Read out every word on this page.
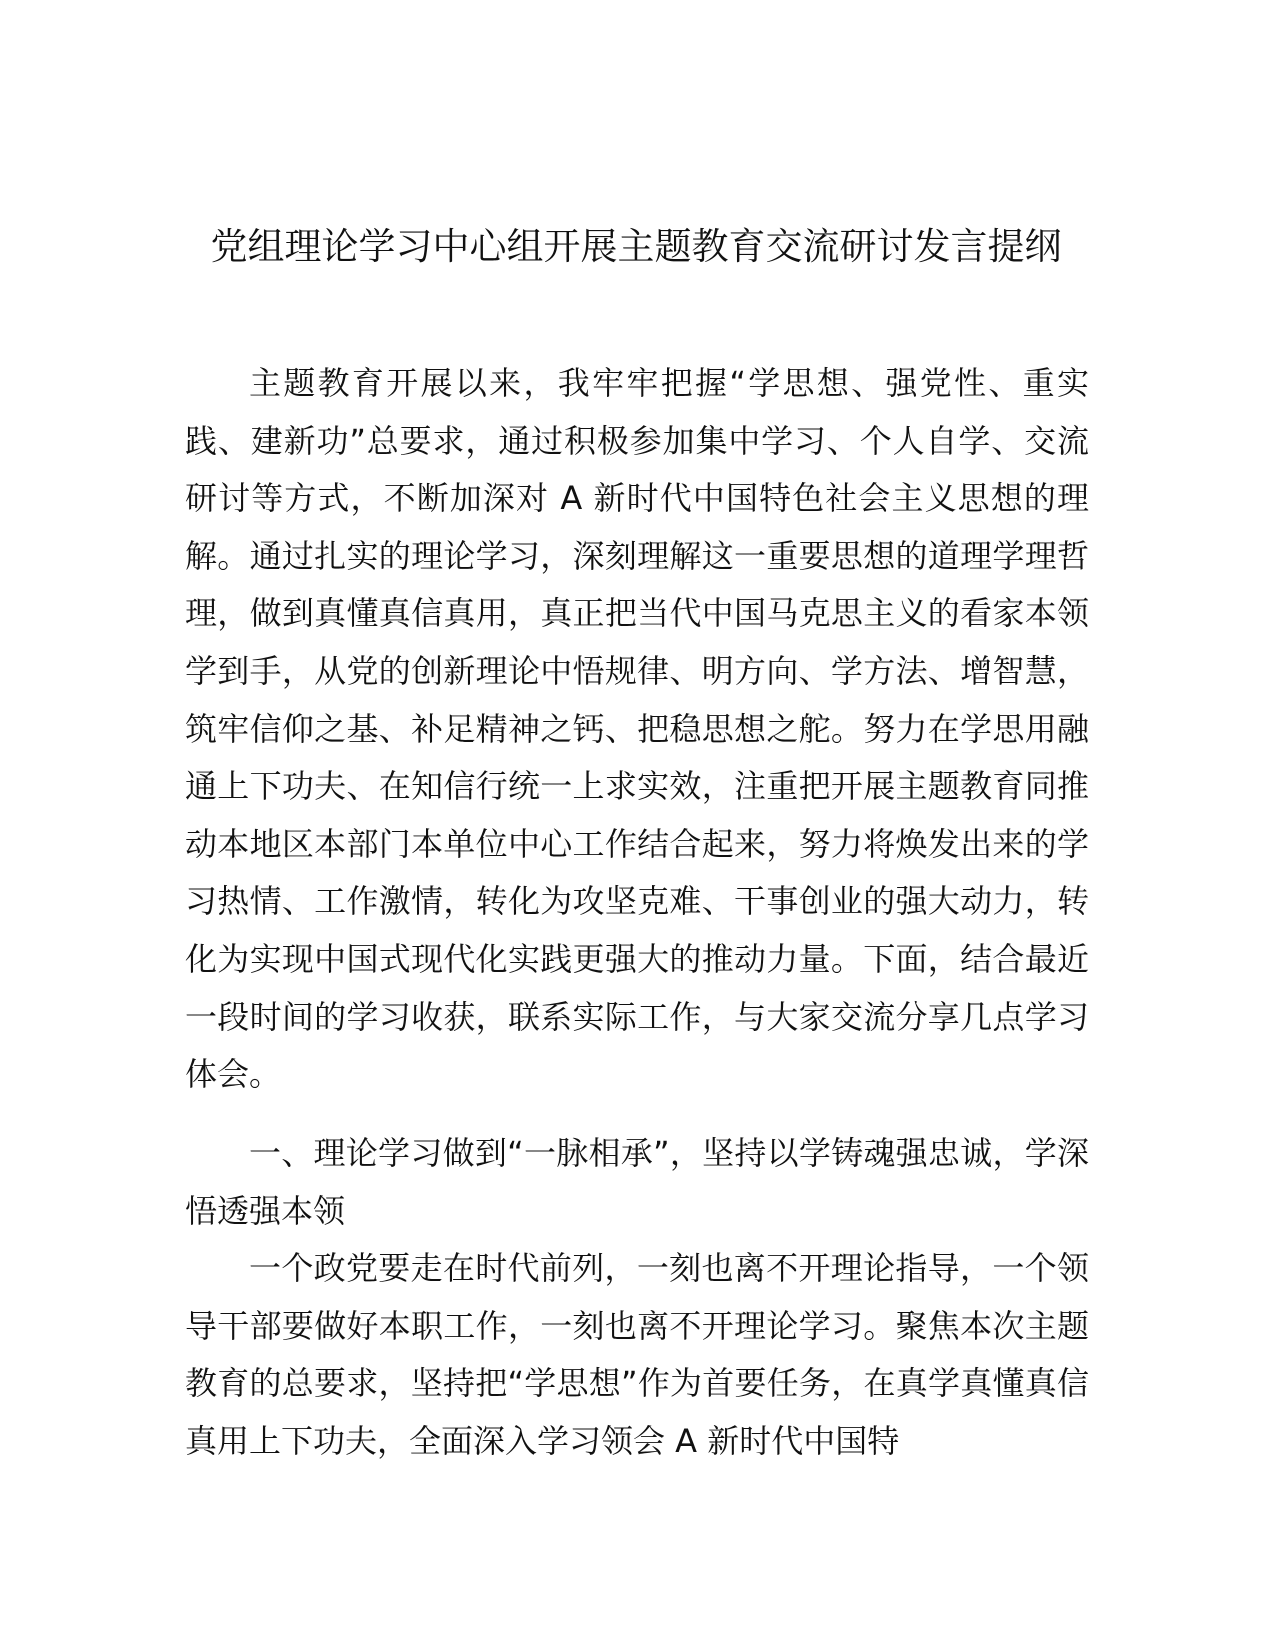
党组理论学习中心组开展主题教育交流研讨发言提纲

主题教育开展以来，我牢牢把握“学思想、强党性、重实践、建新功”总要求，通过积极参加集中学习、个人自学、交流研讨等方式，不断加深对 A 新时代中国特色社会主义思想的理解。通过扎实的理论学习，深刻理解这一重要思想的道理学理哲理，做到真懂真信真用，真正把当代中国马克思主义的看家本领学到手，从党的创新理论中悟规律、明方向、学方法、增智慧，筑牢信仰之基、补足精神之钙、把稳思想之舵。努力在学思用融通上下功夫、在知信行统一上求实效，注重把开展主题教育同推动本地区本部门本单位中心工作结合起来，努力将焕发出来的学习热情、工作激情，转化为攻坚克难、干事创业的强大动力，转化为实现中国式现代化实践更强大的推动力量。下面，结合最近一段时间的学习收获，联系实际工作，与大家交流分享几点学习体会。

一、理论学习做到“一脉相承”，坚持以学铸魂强忠诚，学深悟透强本领

一个政党要走在时代前列，一刻也离不开理论指导，一个领导干部要做好本职工作，一刻也离不开理论学习。聚焦本次主题教育的总要求，坚持把“学思想”作为首要任务，在真学真懂真信真用上下功夫，全面深入学习领会 A 新时代中国特
